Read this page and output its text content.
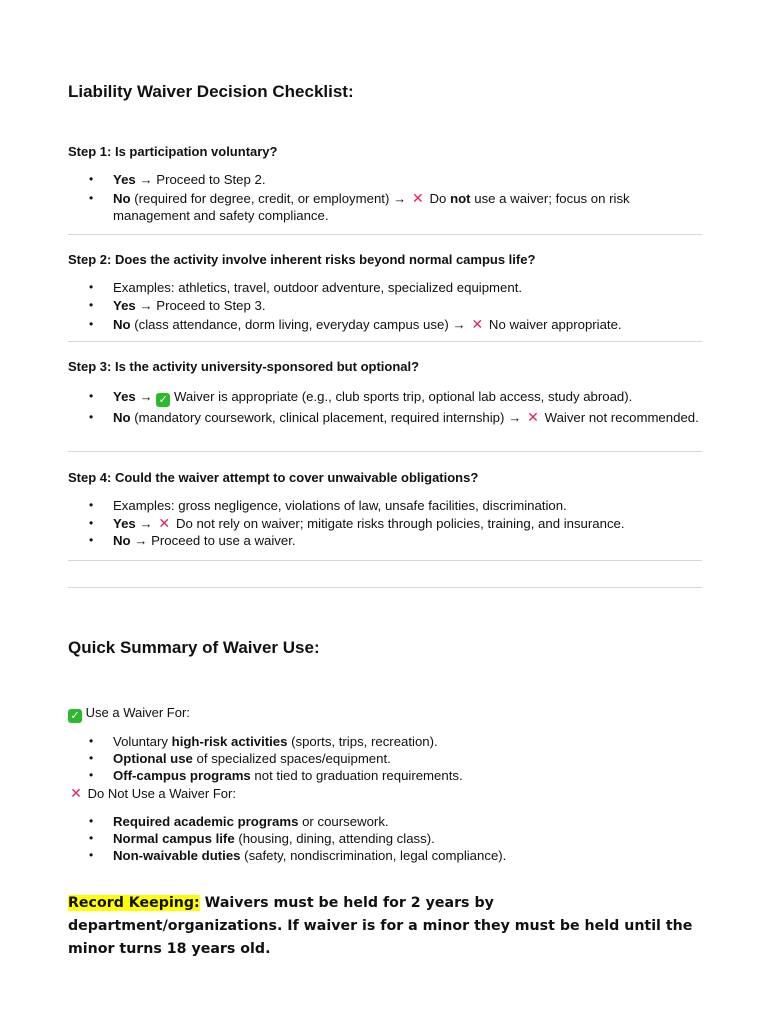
Liability Waiver Decision Checklist:
Step 1: Is participation voluntary?
• Yes → Proceed to Step 2.
• No (required for degree, credit, or employment) → ✕ Do not use a waiver; focus on risk management and safety compliance.
Step 2: Does the activity involve inherent risks beyond normal campus life?
• Examples: athletics, travel, outdoor adventure, specialized equipment.
• Yes → Proceed to Step 3.
• No (class attendance, dorm living, everyday campus use) → ✕ No waiver appropriate.
Step 3: Is the activity university-sponsored but optional?
• Yes → ✓ Waiver is appropriate (e.g., club sports trip, optional lab access, study abroad).
• No (mandatory coursework, clinical placement, required internship) → ✕ Waiver not recommended.
Step 4: Could the waiver attempt to cover unwaivable obligations?
• Examples: gross negligence, violations of law, unsafe facilities, discrimination.
• Yes → ✕ Do not rely on waiver; mitigate risks through policies, training, and insurance.
• No → Proceed to use a waiver.
Quick Summary of Waiver Use:
✓ Use a Waiver For:
• Voluntary high-risk activities (sports, trips, recreation).
• Optional use of specialized spaces/equipment.
• Off-campus programs not tied to graduation requirements.
✕ Do Not Use a Waiver For:
• Required academic programs or coursework.
• Normal campus life (housing, dining, attending class).
• Non-waivable duties (safety, nondiscrimination, legal compliance).
Record Keeping: Waivers must be held for 2 years by department/organizations. If waiver is for a minor they must be held until the minor turns 18 years old.
